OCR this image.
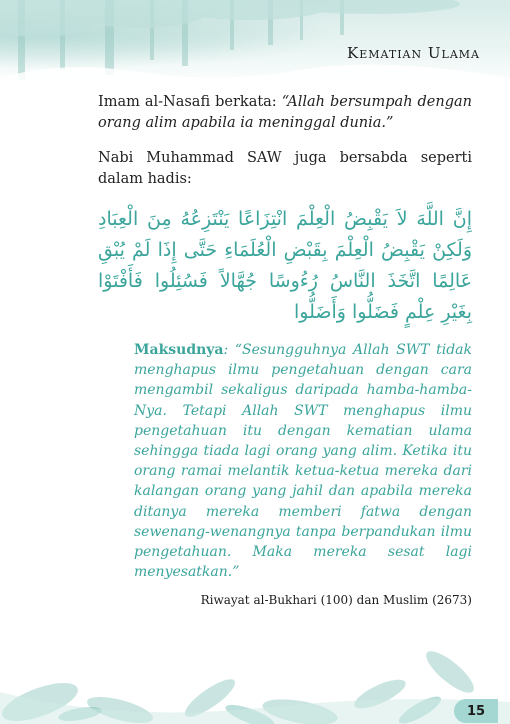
Kematian Ulama

Imam al-Nasafi berkata: “Allah bersumpah dengan orang alim apabila ia meninggal dunia.”

Nabi Muhammad SAW juga bersabda seperti dalam hadis:

إِنَّ اللَّهَ لاَ يَقْبِضُ الْعِلْمَ انْتِزَاعًا يَنْتَزِعُهُ مِنَ الْعِبَادِ وَلَكِنْ يَقْبِضُ الْعِلْمَ بِقَبْضِ الْعُلَمَاءِ حَتَّى إِذَا لَمْ يُبْقِ عَالِمًا اتَّخَذَ النَّاسُ رُءُوسًا جُهَّالاً فَسُئِلُوا فَأَفْتَوْا بِغَيْرِ عِلْمٍ فَضَلُّوا وَأَضَلُّوا
Maksudnya: “Sesungguhnya Allah SWT tidak menghapus ilmu pengetahuan dengan cara mengambil sekaligus daripada hamba-hamba-Nya. Tetapi Allah SWT menghapus ilmu pengetahuan itu dengan kematian ulama sehingga tiada lagi orang yang alim. Ketika itu orang ramai melantik ketua-ketua mereka dari kalangan orang yang jahil dan apabila mereka ditanya mereka memberi fatwa dengan sewenang-wenangnya tanpa berpandukan ilmu pengetahuan. Maka mereka sesat lagi menyesatkan.”
Riwayat al-Bukhari (100) dan Muslim (2673)
15
